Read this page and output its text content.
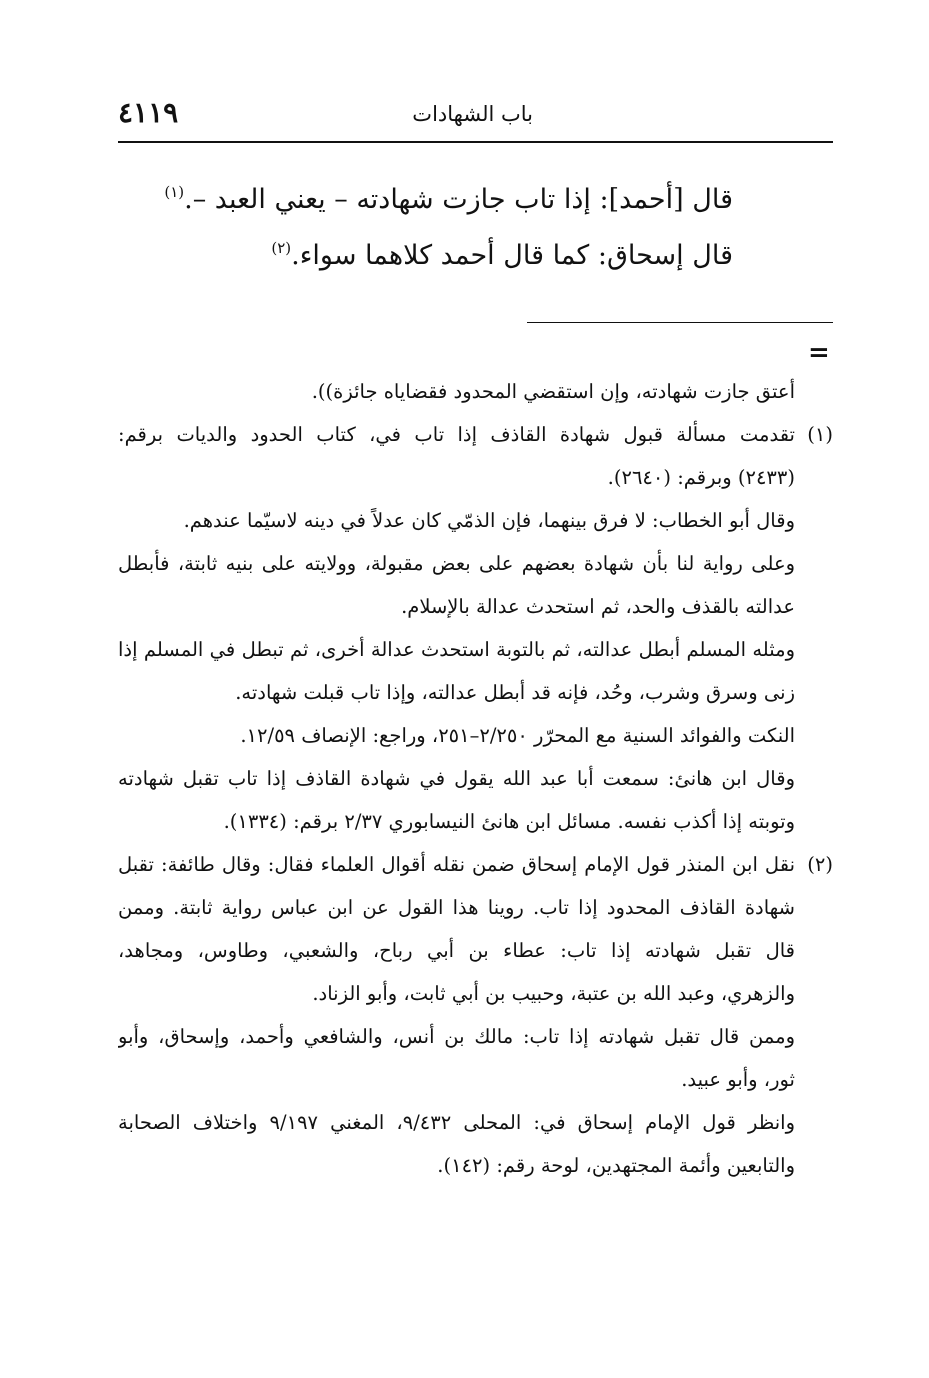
٤١١٩	باب الشهادات
قال [أحمد]: إذا تاب جازت شهادته – يعني العبد –.$^{(١)}$
قال إسحاق: كما قال أحمد كلاهما سواء.$^{(٢)}$
=
أعتق جازت شهادته، وإن استقضي المحدود فقضاياه جائزة)).
(١)تقدمت مسألة قبول شهادة القاذف إذا تاب في، كتاب الحدود والديات برقم:
(٢٤٣٣) وبرقم: (٢٦٤٠).
وقال أبو الخطاب: لا فرق بينهما، فإن الذمّي كان عدلاً في دينه لاسيّما عندهم.
وعلى رواية لنا بأن شهادة بعضهم على بعض مقبولة، وولايته على بنيه ثابتة، فأبطل
عدالته بالقذف والحد، ثم استحدث عدالة بالإسلام.
ومثله المسلم أبطل عدالته، ثم بالتوبة استحدث عدالة أخرى، ثم تبطل في المسلم إذا
زنى وسرق وشرب، وحُد، فإنه قد أبطل عدالته، وإذا تاب قبلت شهادته.
النكت والفوائد السنية مع المحرّر ٢/٢٥٠–٢٥١، وراجع: الإنصاف ١٢/٥٩.
وقال ابن هانئ: سمعت أبا عبد الله يقول في شهادة القاذف إذا تاب تقبل شهادته
وتوبته إذا أكذب نفسه. مسائل ابن هانئ النيسابوري ٢/٣٧ برقم: (١٣٣٤).
(٢)نقل ابن المنذر قول الإمام إسحاق ضمن نقله أقوال العلماء فقال: وقال طائفة: تقبل
شهادة القاذف المحدود إذا تاب. روينا هذا القول عن ابن عباس رواية ثابتة. وممن
قال تقبل شهادته إذا تاب: عطاء بن أبي رباح، والشعبي، وطاوس، ومجاهد،
والزهري، وعبد الله بن عتبة، وحبيب بن أبي ثابت، وأبو الزناد.
وممن قال تقبل شهادته إذا تاب: مالك بن أنس، والشافعي وأحمد، وإسحاق، وأبو
ثور، وأبو عبيد.
وانظر قول الإمام إسحاق في: المحلى ٩/٤٣٢، المغني ٩/١٩٧ واختلاف الصحابة
والتابعين وأئمة المجتهدين، لوحة رقم: (١٤٢).
